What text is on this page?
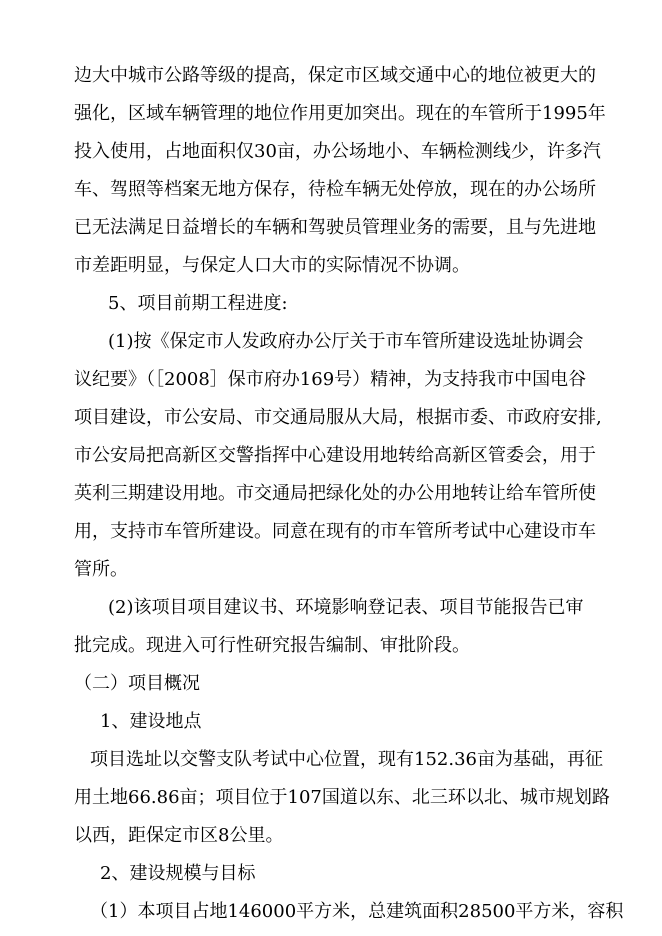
边大中城市公路等级的提高，保定市区域交通中心的地位被更大的
强化，区域车辆管理的地位作用更加突出。现在的车管所于1995年
投入使用，占地面积仅30亩，办公场地小、车辆检测线少，许多汽
车、驾照等档案无地方保存，待检车辆无处停放，现在的办公场所
已无法满足日益增长的车辆和驾驶员管理业务的需要，且与先进地
市差距明显，与保定人口大市的实际情况不协调。
5、项目前期工程进度:
(1)按《保定市人发政府办公厅关于市车管所建设选址协调会
议纪要》（［2008］保市府办169号）精神，为支持我市中国电谷
项目建设，市公安局、市交通局服从大局，根据市委、市政府安排,
市公安局把高新区交警指挥中心建设用地转给高新区管委会，用于
英利三期建设用地。市交通局把绿化处的办公用地转让给车管所使
用，支持市车管所建设。同意在现有的市车管所考试中心建设市车
管所。
(2)该项目项目建议书、环境影响登记表、项目节能报告已审
批完成。现进入可行性研究报告编制、审批阶段。
（二）项目概况
1、建设地点
项目选址以交警支队考试中心位置，现有152.36亩为基础，再征
用土地66.86亩；项目位于107国道以东、北三环以北、城市规划路
以西，距保定市区8公里。
2、建设规模与目标
（1）本项目占地146000平方米，总建筑面积28500平方米，容积
